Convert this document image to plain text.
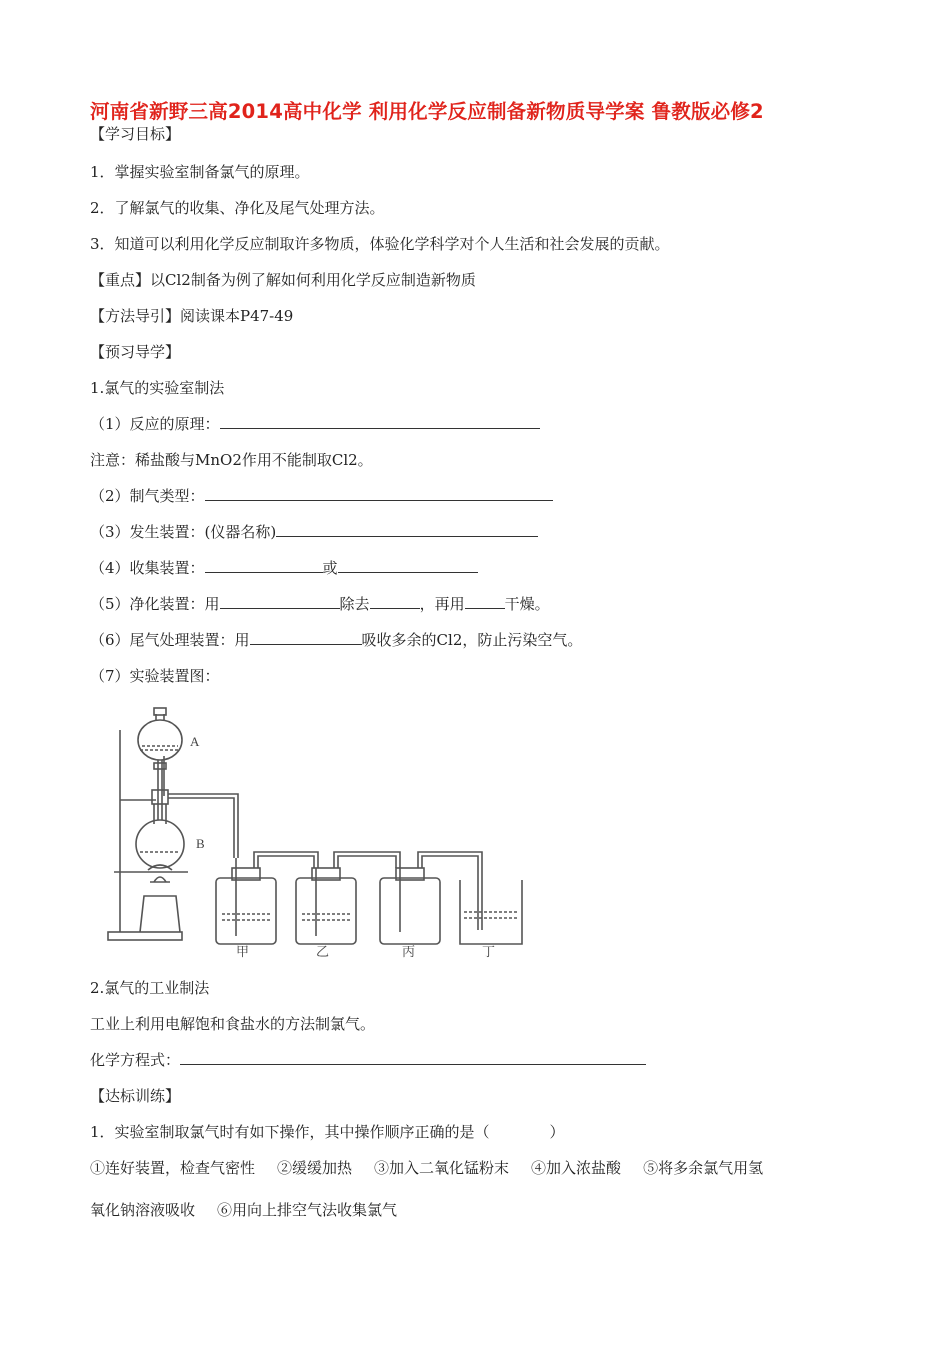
河南省新野三高2014高中化学 利用化学反应制备新物质导学案 鲁教版必修2
【学习目标】
1．掌握实验室制备氯气的原理。
2．了解氯气的收集、净化及尾气处理方法。
3．知道可以利用化学反应制取许多物质，体验化学科学对个人生活和社会发展的贡献。
【重点】以Cl2制备为例了解如何利用化学反应制造新物质
【方法导引】阅读课本P47-49
【预习导学】
1.氯气的实验室制法
（1）反应的原理：
注意：稀盐酸与MnO2作用不能制取Cl2。
（2）制气类型：
（3）发生装置：(仪器名称)
（4）收集装置：	或
（5）净化装置：用	除去	，再用	干燥。
（6）尾气处理装置：用	吸收多余的Cl2，防止污染空气。
（7）实验装置图：
A
B
甲	乙	丙	丁
2.氯气的工业制法
工业上利用电解饱和食盐水的方法制氯气。
化学方程式：
【达标训练】
1．实验室制取氯气时有如下操作，其中操作顺序正确的是（　　　　）
①连好装置，检查气密性 ②缓缓加热 ③加入二氧化锰粉末 ④加入浓盐酸 ⑤将多余氯气用氢
氧化钠溶液吸收 ⑥用向上排空气法收集氯气
